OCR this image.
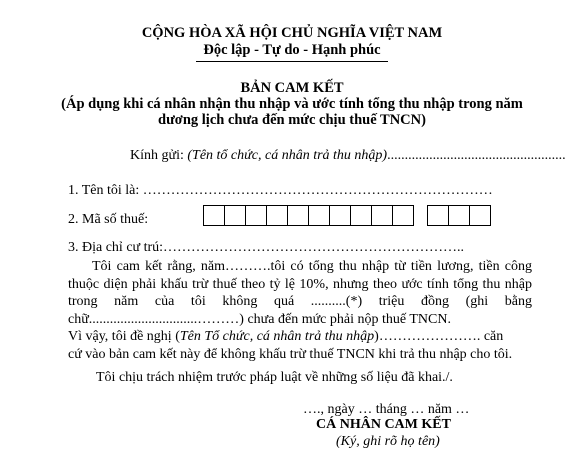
CỘNG HÒA XÃ HỘI CHỦ NGHĨA VIỆT NAM
Độc lập - Tự do - Hạnh phúc
BẢN CAM KẾT
(Áp dụng khi cá nhân nhận thu nhập và ước tính tổng thu nhập trong năm
dương lịch chưa đến mức chịu thuế TNCN)
Kính gửi: (Tên tổ chức, cá nhân trả thu nhập)...................................................
1. Tên tôi là: …………………………………………………………………
2. Mã số thuế:
3. Địa chỉ cư trú:………………………………………………………..
Tôi cam kết rằng, năm……….tôi có tổng thu nhập từ tiền lương, tiền công
thuộc diện phải khấu trừ thuế theo tỷ lệ 10%, nhưng theo ước tính tổng thu nhập
trong năm của tôi không quá ..........(*) triệu đồng (ghi bằng
chữ...............................………) chưa đến mức phải nộp thuế TNCN.
Vì vậy, tôi đề nghị (Tên Tổ chức, cá nhân trả thu nhập)…………………. căn
cứ vào bản cam kết này để không khấu trừ thuế TNCN khi trả thu nhập cho tôi.
Tôi chịu trách nhiệm trước pháp luật về những số liệu đã khai./.
…., ngày … tháng … năm …
CÁ NHÂN CAM KẾT
(Ký, ghi rõ họ tên)
